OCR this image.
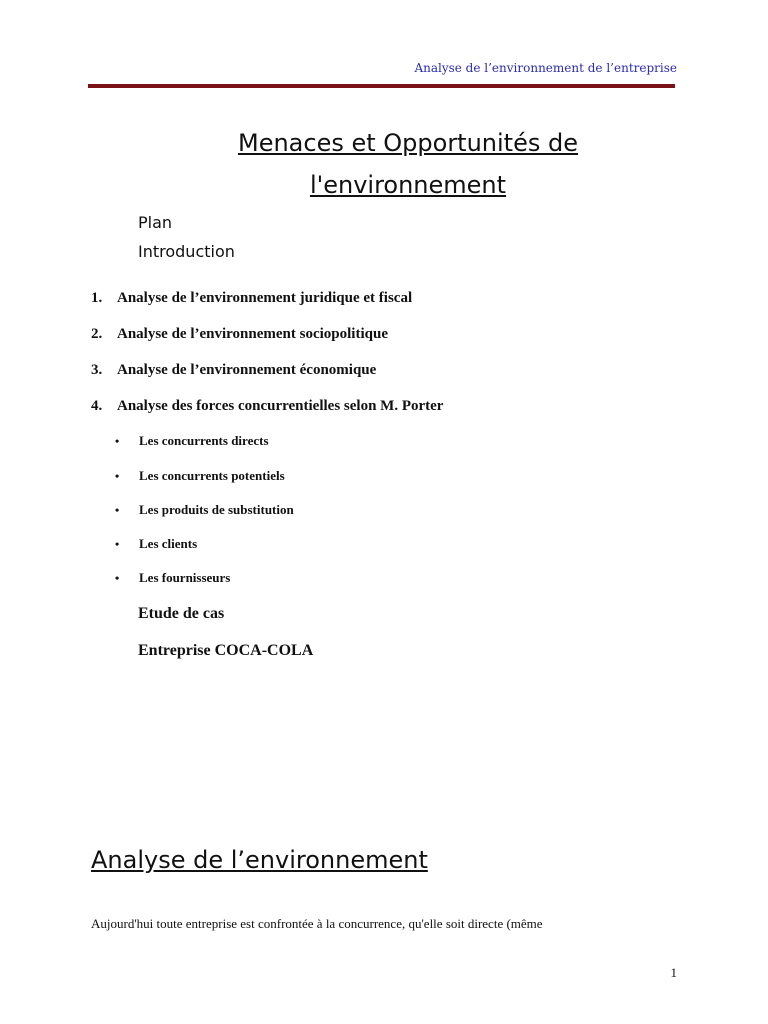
Analyse de l’environnement de l’entreprise
Menaces et Opportunités de
l'environnement
Plan
Introduction
1. Analyse de l’environnement juridique et fiscal
2. Analyse de l’environnement sociopolitique
3. Analyse de l’environnement économique
4. Analyse des forces concurrentielles selon M. Porter
• Les concurrents directs
• Les concurrents potentiels
• Les produits de substitution
• Les clients
• Les fournisseurs
Etude de cas
Entreprise COCA-COLA
Analyse de l’environnement
Aujourd'hui toute entreprise est confrontée à la concurrence, qu'elle soit directe (même
1
